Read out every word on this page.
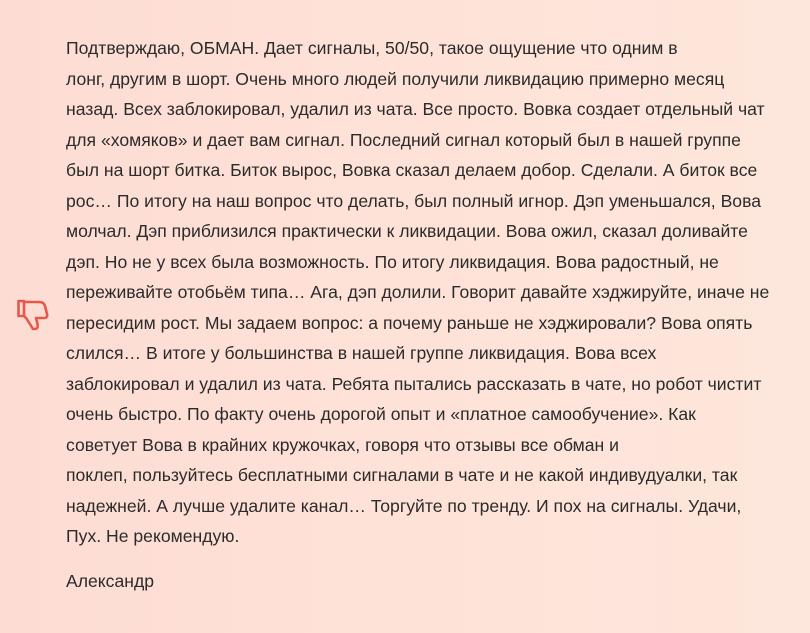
Подтверждаю, ОБМАН. Дает сигналы, 50/50, такое ощущение что одним в
лонг, другим в шорт. Очень много людей получили ликвидацию примерно месяц
назад. Всех заблокировал, удалил из чата. Все просто. Вовка создает отдельный чат
для «хомяков» и дает вам сигнал. Последний сигнал который был в нашей группе
был на шорт битка. Биток вырос, Вовка сказал делаем добор. Сделали. А биток все
рос… По итогу на наш вопрос что делать, был полный игнор. Дэп уменьшался, Вова
молчал. Дэп приблизился практически к ликвидации. Вова ожил, сказал доливайте
дэп. Но не у всех была возможность. По итогу ликвидация. Вова радостный, не
переживайте отобьём типа… Ага, дэп долили. Говорит давайте хэджируйте, иначе не
пересидим рост. Мы задаем вопрос: а почему раньше не хэджировали? Вова опять
слился… В итоге у большинства в нашей группе ликвидация. Вова всех
заблокировал и удалил из чата. Ребята пытались рассказать в чате, но робот чистит
очень быстро. По факту очень дорогой опыт и «платное самообучение». Как
советует Вова в крайних кружочках, говоря что отзывы все обман и
поклеп, пользуйтесь бесплатными сигналами в чате и не какой индивудуалки, так
надежней. А лучше удалите канал… Торгуйте по тренду. И пох на сигналы. Удачи,
Пух. Не рекомендую.

Александр
